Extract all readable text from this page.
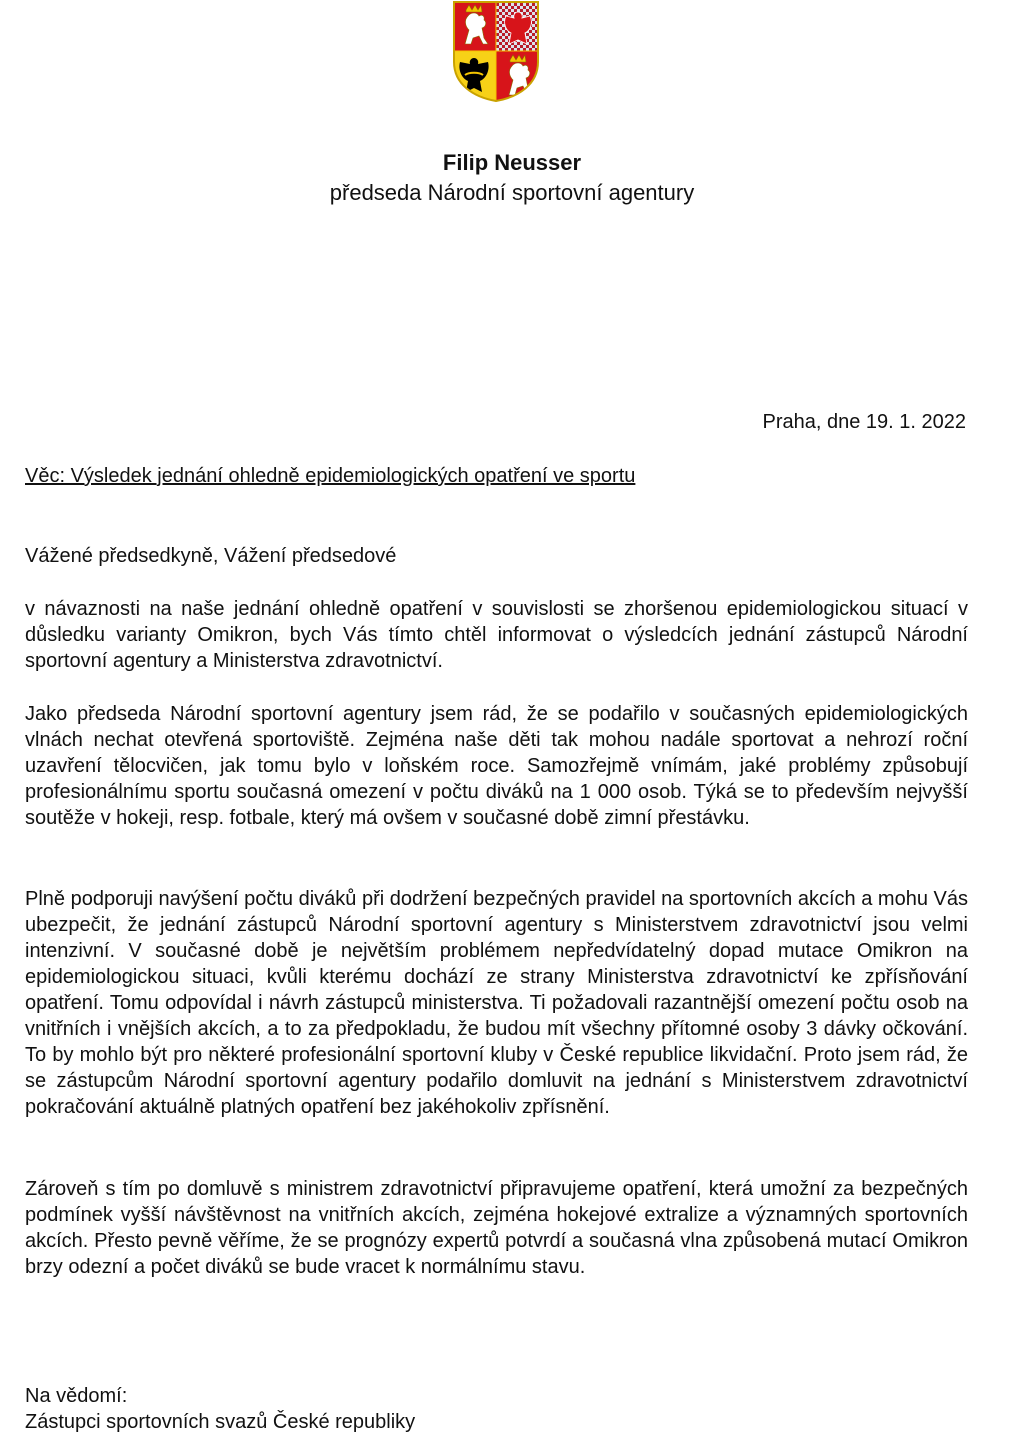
Filip Neusser
předseda Národní sportovní agentury
Praha, dne 19. 1. 2022
Věc: Výsledek jednání ohledně epidemiologických opatření ve sportu
Vážené předsedkyně, Vážení předsedové
v návaznosti na naše jednání ohledně opatření v souvislosti se zhoršenou epidemiologickou situací v důsledku varianty Omikron, bych Vás tímto chtěl informovat o výsledcích jednání zástupců Národní sportovní agentury a Ministerstva zdravotnictví.
Jako předseda Národní sportovní agentury jsem rád, že se podařilo v současných epidemiologických vlnách nechat otevřená sportoviště. Zejména naše děti tak mohou nadále sportovat a nehrozí roční uzavření tělocvičen, jak tomu bylo v loňském roce. Samozřejmě vnímám, jaké problémy způsobují profesionálnímu sportu současná omezení v počtu diváků na 1 000 osob. Týká se to především nejvyšší soutěže v hokeji, resp. fotbale, který má ovšem v současné době zimní přestávku.
Plně podporuji navýšení počtu diváků při dodržení bezpečných pravidel na sportovních akcích a mohu Vás ubezpečit, že jednání zástupců Národní sportovní agentury s Ministerstvem zdravotnictví jsou velmi intenzivní. V současné době je největším problémem nepředvídatelný dopad mutace Omikron na epidemiologickou situaci, kvůli kterému dochází ze strany Ministerstva zdravotnictví ke zpřísňování opatření. Tomu odpovídal i návrh zástupců ministerstva. Ti požadovali razantnější omezení počtu osob na vnitřních i vnějších akcích, a to za předpokladu, že budou mít všechny přítomné osoby 3 dávky očkování. To by mohlo být pro některé profesionální sportovní kluby v České republice likvidační. Proto jsem rád, že se zástupcům Národní sportovní agentury podařilo domluvit na jednání s Ministerstvem zdravotnictví pokračování aktuálně platných opatření bez jakéhokoliv zpřísnění.
Zároveň s tím po domluvě s ministrem zdravotnictví připravujeme opatření, která umožní za bezpečných podmínek vyšší návštěvnost na vnitřních akcích, zejména hokejové extralize a významných sportovních akcích. Přesto pevně věříme, že se prognózy expertů potvrdí a současná vlna způsobená mutací Omikron brzy odezní a počet diváků se bude vracet k normálnímu stavu.
Na vědomí:
Zástupci sportovních svazů České republiky
